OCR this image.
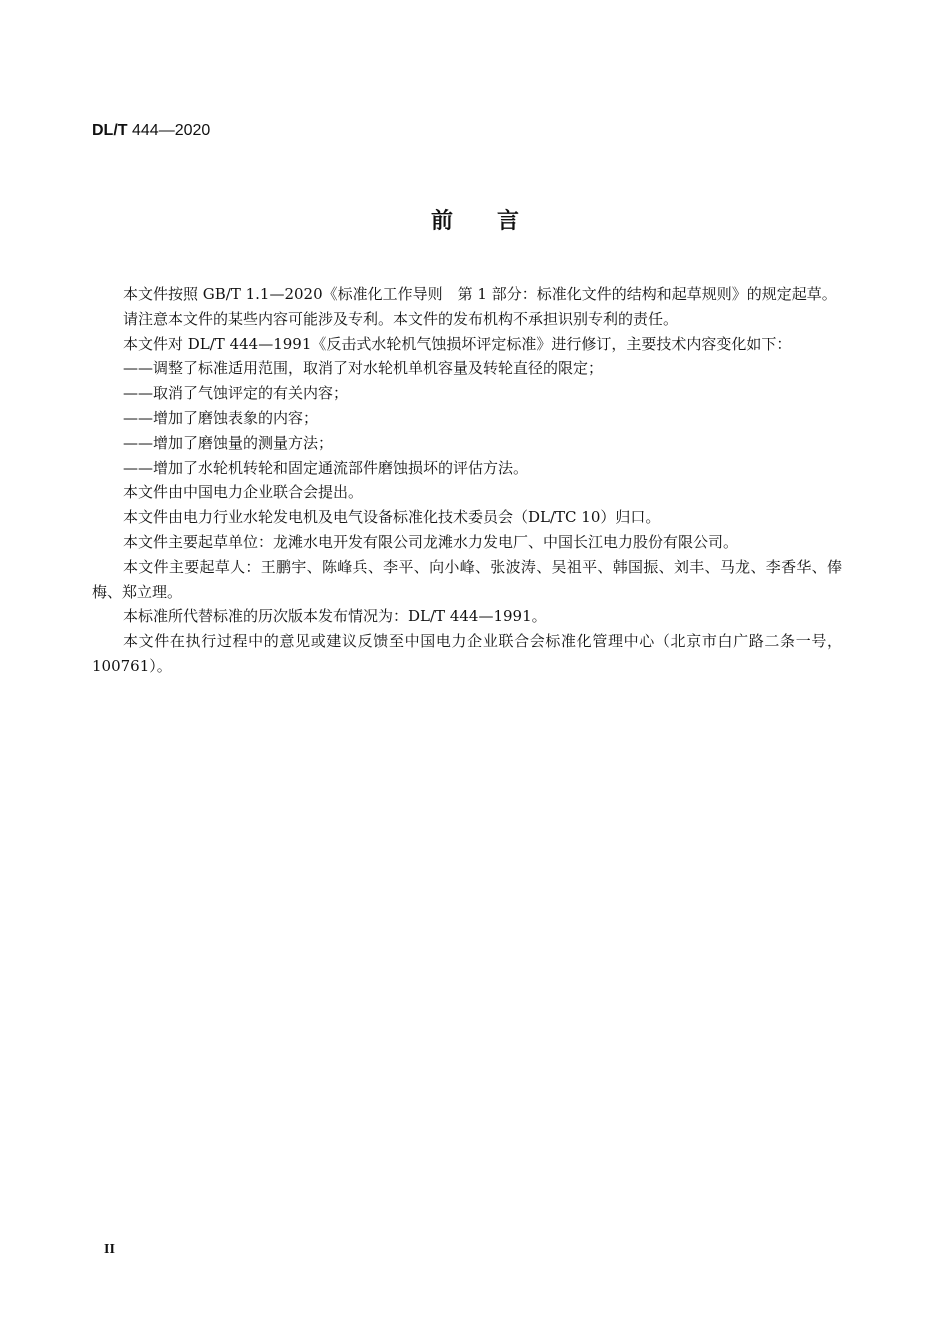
DL/T 444—2020
前言

本文件按照 GB/T 1.1—2020《标准化工作导则　第 1 部分：标准化文件的结构和起草规则》的规定起草。

请注意本文件的某些内容可能涉及专利。本文件的发布机构不承担识别专利的责任。

本文件对 DL/T 444—1991《反击式水轮机气蚀损坏评定标准》进行修订，主要技术内容变化如下：

——调整了标准适用范围，取消了对水轮机单机容量及转轮直径的限定；

——取消了气蚀评定的有关内容；

——增加了磨蚀表象的内容；

——增加了磨蚀量的测量方法；

——增加了水轮机转轮和固定通流部件磨蚀损坏的评估方法。

本文件由中国电力企业联合会提出。

本文件由电力行业水轮发电机及电气设备标准化技术委员会（DL/TC 10）归口。

本文件主要起草单位：龙滩水电开发有限公司龙滩水力发电厂、中国长江电力股份有限公司。

本文件主要起草人：王鹏宇、陈峰兵、李平、向小峰、张波涛、吴祖平、韩国振、刘丰、马龙、李香华、俸梅、郑立理。

本标准所代替标准的历次版本发布情况为：DL/T 444—1991。

本文件在执行过程中的意见或建议反馈至中国电力企业联合会标准化管理中心（北京市白广路二条一号，100761）。

II
